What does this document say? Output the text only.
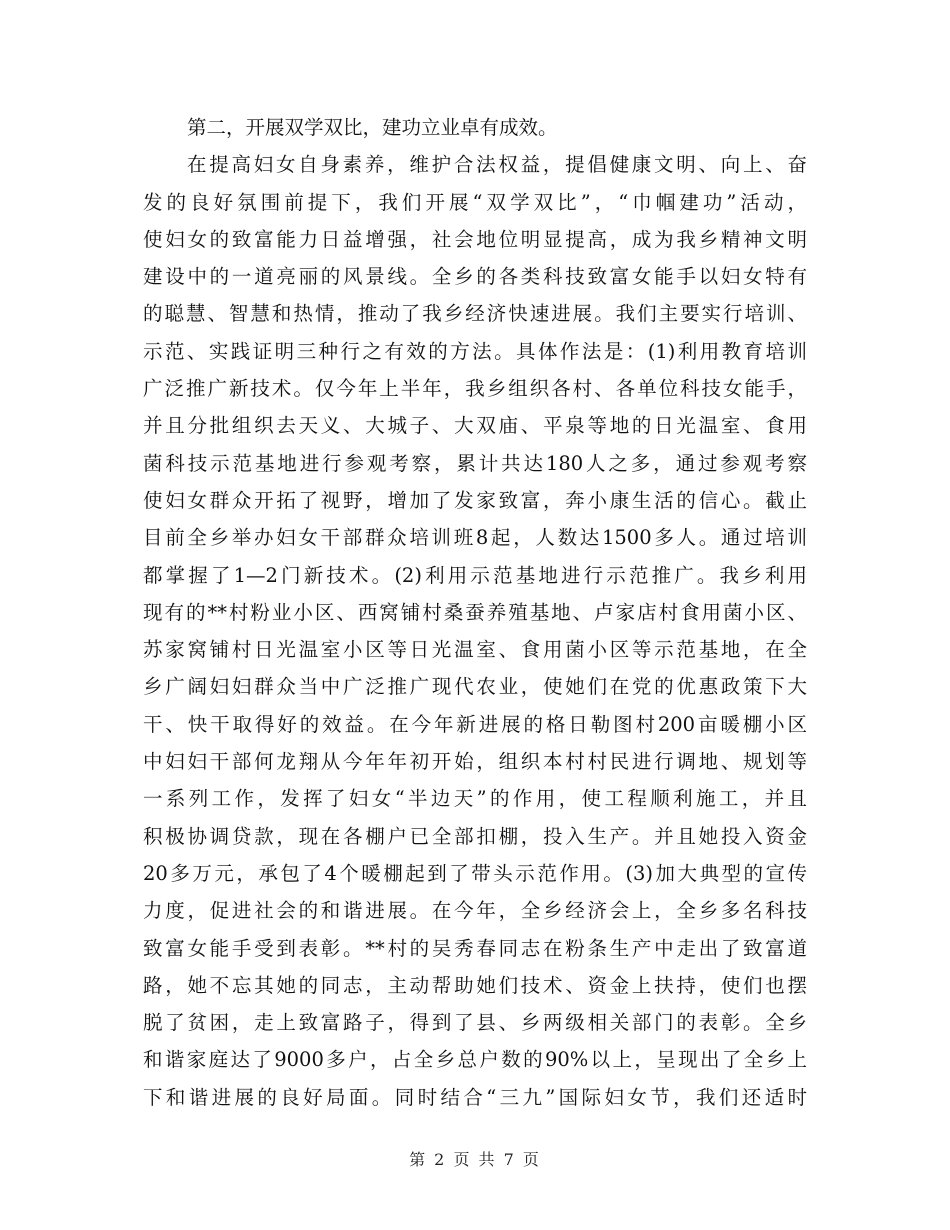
第二，开展双学双比，建功立业卓有成效。
在提高妇女自身素养，维护合法权益，提倡健康文明、向上、奋
发的良好氛围前提下，我们开展“双学双比”，“巾帼建功”活动，
使妇女的致富能力日益增强，社会地位明显提高，成为我乡精神文明
建设中的一道亮丽的风景线。全乡的各类科技致富女能手以妇女特有
的聪慧、智慧和热情，推动了我乡经济快速进展。我们主要实行培训、
示范、实践证明三种行之有效的方法。具体作法是：(1)利用教育培训
广泛推广新技术。仅今年上半年，我乡组织各村、各单位科技女能手，
并且分批组织去天义、大城子、大双庙、平泉等地的日光温室、食用
菌科技示范基地进行参观考察，累计共达180人之多，通过参观考察
使妇女群众开拓了视野，增加了发家致富，奔小康生活的信心。截止
目前全乡举办妇女干部群众培训班8起，人数达1500多人。通过培训
都掌握了1—2门新技术。(2)利用示范基地进行示范推广。我乡利用
现有的**村粉业小区、西窝铺村桑蚕养殖基地、卢家店村食用菌小区、
苏家窝铺村日光温室小区等日光温室、食用菌小区等示范基地，在全
乡广阔妇妇群众当中广泛推广现代农业，使她们在党的优惠政策下大
干、快干取得好的效益。在今年新进展的格日勒图村200亩暖棚小区
中妇妇干部何龙翔从今年年初开始，组织本村村民进行调地、规划等
一系列工作，发挥了妇女“半边天”的作用，使工程顺利施工，并且
积极协调贷款，现在各棚户已全部扣棚，投入生产。并且她投入资金
20多万元，承包了4个暖棚起到了带头示范作用。(3)加大典型的宣传
力度，促进社会的和谐进展。在今年，全乡经济会上，全乡多名科技
致富女能手受到表彰。**村的吴秀春同志在粉条生产中走出了致富道
路，她不忘其她的同志，主动帮助她们技术、资金上扶持，使们也摆
脱了贫困，走上致富路子，得到了县、乡两级相关部门的表彰。全乡
和谐家庭达了9000多户，占全乡总户数的90%以上，呈现出了全乡上
下和谐进展的良好局面。同时结合“三九”国际妇女节，我们还适时
第 2 页 共 7 页
